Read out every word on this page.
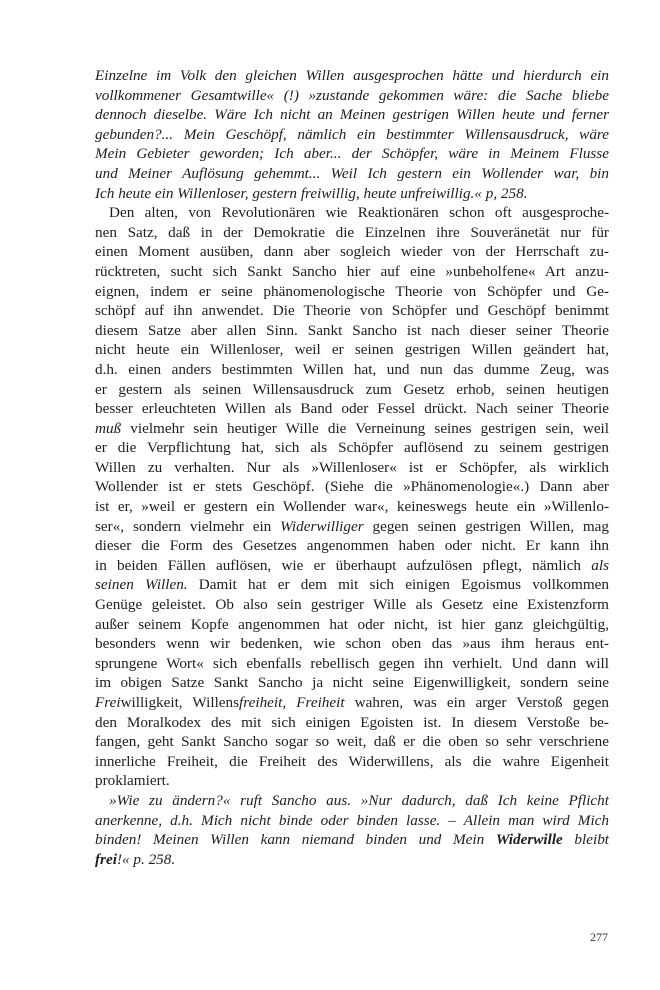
Einzelne im Volk den gleichen Willen ausgesprochen hätte und hierdurch ein
vollkommener Gesamtwille« (!) »zustande gekommen wäre: die Sache bliebe
dennoch dieselbe. Wäre Ich nicht an Meinen gestrigen Willen heute und ferner
gebunden?... Mein Geschöpf, nämlich ein bestimmter Willensausdruck, wäre
Mein Gebieter geworden; Ich aber... der Schöpfer, wäre in Meinem Flusse
und Meiner Auflösung gehemmt... Weil Ich gestern ein Wollender war, bin
Ich heute ein Willenloser, gestern freiwillig, heute unfreiwillig.« p, 258.
Den alten, von Revolutionären wie Reaktionären schon oft ausgesproche-
nen Satz, daß in der Demokratie die Einzelnen ihre Souveränetät nur für
einen Moment ausüben, dann aber sogleich wieder von der Herrschaft zu-
rücktreten, sucht sich Sankt Sancho hier auf eine »unbeholfene« Art anzu-
eignen, indem er seine phänomenologische Theorie von Schöpfer und Ge-
schöpf auf ihn anwendet. Die Theorie von Schöpfer und Geschöpf benimmt
diesem Satze aber allen Sinn. Sankt Sancho ist nach dieser seiner Theorie
nicht heute ein Willenloser, weil er seinen gestrigen Willen geändert hat,
d.h. einen anders bestimmten Willen hat, und nun das dumme Zeug, was
er gestern als seinen Willensausdruck zum Gesetz erhob, seinen heutigen
besser erleuchteten Willen als Band oder Fessel drückt. Nach seiner Theorie
muß vielmehr sein heutiger Wille die Verneinung seines gestrigen sein, weil
er die Verpflichtung hat, sich als Schöpfer auflösend zu seinem gestrigen
Willen zu verhalten. Nur als »Willenloser« ist er Schöpfer, als wirklich
Wollender ist er stets Geschöpf. (Siehe die »Phänomenologie«.) Dann aber
ist er, »weil er gestern ein Wollender war«, keineswegs heute ein »Willenlo-
ser«, sondern vielmehr ein Widerwilliger gegen seinen gestrigen Willen, mag
dieser die Form des Gesetzes angenommen haben oder nicht. Er kann ihn
in beiden Fällen auflösen, wie er überhaupt aufzulösen pflegt, nämlich als
seinen Willen. Damit hat er dem mit sich einigen Egoismus vollkommen
Genüge geleistet. Ob also sein gestriger Wille als Gesetz eine Existenzform
außer seinem Kopfe angenommen hat oder nicht, ist hier ganz gleichgültig,
besonders wenn wir bedenken, wie schon oben das »aus ihm heraus ent-
sprungene Wort« sich ebenfalls rebellisch gegen ihn verhielt. Und dann will
im obigen Satze Sankt Sancho ja nicht seine Eigenwilligkeit, sondern seine
Freiwilligkeit, Willensfreiheit, Freiheit wahren, was ein arger Verstoß gegen
den Moralkodex des mit sich einigen Egoisten ist. In diesem Verstoße be-
fangen, geht Sankt Sancho sogar so weit, daß er die oben so sehr verschriene
innerliche Freiheit, die Freiheit des Widerwillens, als die wahre Eigenheit
proklamiert.
»Wie zu ändern?« ruft Sancho aus. »Nur dadurch, daß Ich keine Pflicht
anerkenne, d.h. Mich nicht binde oder binden lasse. – Allein man wird Mich
binden! Meinen Willen kann niemand binden und Mein Widerwille bleibt
frei!« p. 258.
277
